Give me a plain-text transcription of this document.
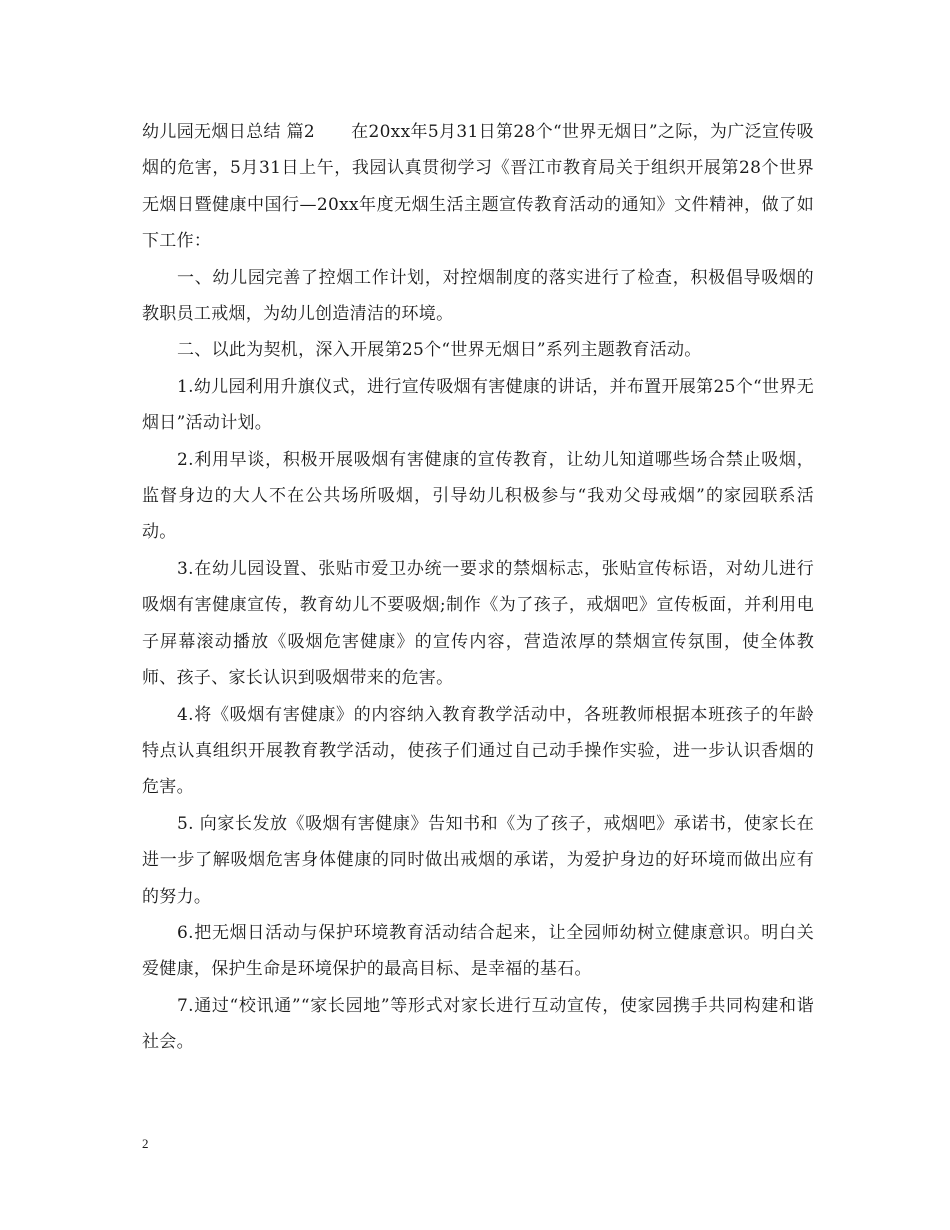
幼儿园无烟日总结 篇2 在20xx年5月31日第28个“世界无烟日”之际，为广泛宣传吸烟的危害，5月31日上午，我园认真贯彻学习《晋江市教育局关于组织开展第28个世界无烟日暨健康中国行—20xx年度无烟生活主题宣传教育活动的通知》文件精神，做了如下工作：

一、幼儿园完善了控烟工作计划，对控烟制度的落实进行了检查，积极倡导吸烟的教职员工戒烟，为幼儿创造清洁的环境。

二、以此为契机，深入开展第25个“世界无烟日”系列主题教育活动。

1.幼儿园利用升旗仪式，进行宣传吸烟有害健康的讲话，并布置开展第25个“世界无烟日”活动计划。

2.利用早谈，积极开展吸烟有害健康的宣传教育，让幼儿知道哪些场合禁止吸烟，监督身边的大人不在公共场所吸烟，引导幼儿积极参与“我劝父母戒烟”的家园联系活动。

3.在幼儿园设置、张贴市爱卫办统一要求的禁烟标志，张贴宣传标语，对幼儿进行吸烟有害健康宣传，教育幼儿不要吸烟;制作《为了孩子，戒烟吧》宣传板面，并利用电子屏幕滚动播放《吸烟危害健康》的宣传内容，营造浓厚的禁烟宣传氛围，使全体教师、孩子、家长认识到吸烟带来的危害。

4.将《吸烟有害健康》的内容纳入教育教学活动中，各班教师根据本班孩子的年龄特点认真组织开展教育教学活动，使孩子们通过自己动手操作实验，进一步认识香烟的危害。

5. 向家长发放《吸烟有害健康》告知书和《为了孩子，戒烟吧》承诺书，使家长在进一步了解吸烟危害身体健康的同时做出戒烟的承诺，为爱护身边的好环境而做出应有的努力。

6.把无烟日活动与保护环境教育活动结合起来，让全园师幼树立健康意识。明白关爱健康，保护生命是环境保护的最高目标、是幸福的基石。

7.通过“校讯通”“家长园地”等形式对家长进行互动宣传，使家园携手共同构建和谐社会。

2
